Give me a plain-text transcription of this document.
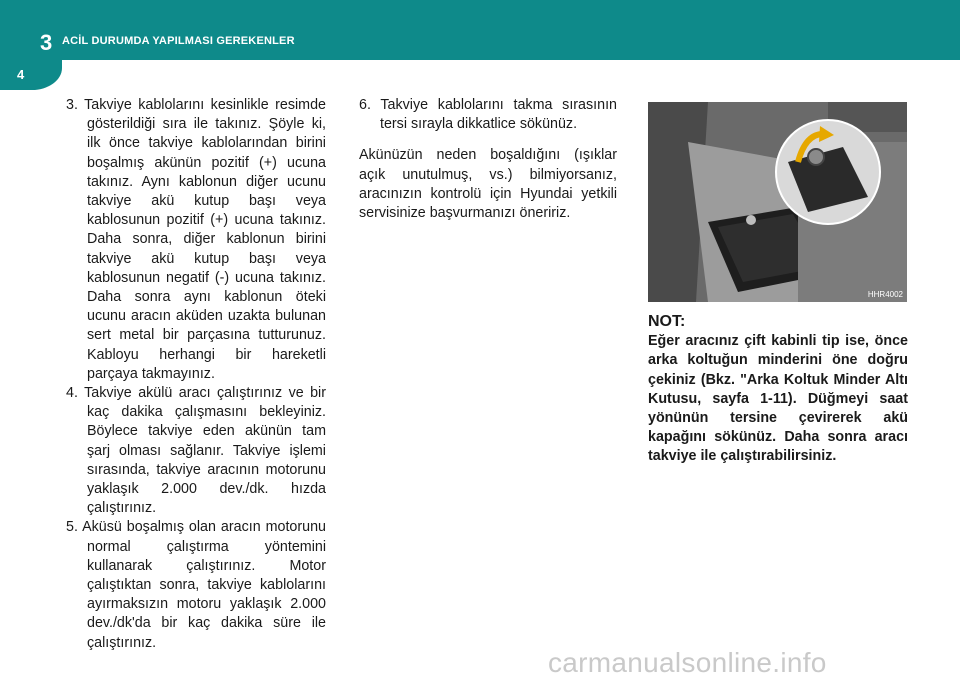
3 ACİL DURUMDA YAPILMASI GEREKENLER
4

3. Takviye kablolarını kesinlikle resimde gösterildiği sıra ile takınız. Şöyle ki, ilk önce takviye kablolarından birini boşalmış akünün pozitif (+) ucuna takınız. Aynı kablonun diğer ucunu takviye akü kutup başı veya kablosunun pozitif (+) ucuna takınız. Daha sonra, diğer kablonun birini takviye akü kutup başı veya kablosunun negatif (-) ucuna takınız. Daha sonra aynı kablonun öteki ucunu aracın aküden uzakta bulunan sert metal bir parçasına tutturunuz. Kabloyu herhangi bir hareketli parçaya takmayınız.

4. Takviye akülü aracı çalıştırınız ve bir kaç dakika çalışmasını bekleyiniz. Böylece takviye eden akünün tam şarj olması sağlanır. Takviye işlemi sırasında, takviye aracının motorunu yaklaşık 2.000 dev./dk. hızda çalıştırınız.

5. Aküsü boşalmış olan aracın motorunu normal çalıştırma yöntemini kullanarak çalıştırınız. Motor çalıştıktan sonra, takviye kablolarını ayırmaksızın motoru yaklaşık 2.000 dev./dk'da bir kaç dakika süre ile çalıştırınız.

6. Takviye kablolarını takma sırasının tersi sırayla dikkatlice sökünüz.

Akünüzün neden boşaldığını (ışıklar açık unutulmuş, vs.) bilmiyorsanız, aracınızın kontrolü için Hyundai yetkili servisinize başvurmanızı öneririz.

HHR4002
NOT:
Eğer aracınız çift kabinli tip ise, önce arka koltuğun minderini öne doğru çekiniz (Bkz. "Arka Koltuk Minder Altı Kutusu, sayfa 1-11). Düğmeyi saat yönünün tersine çevirerek akü kapağını sökünüz. Daha sonra aracı takviye ile çalıştırabilirsiniz.
carmanualsonline.info
